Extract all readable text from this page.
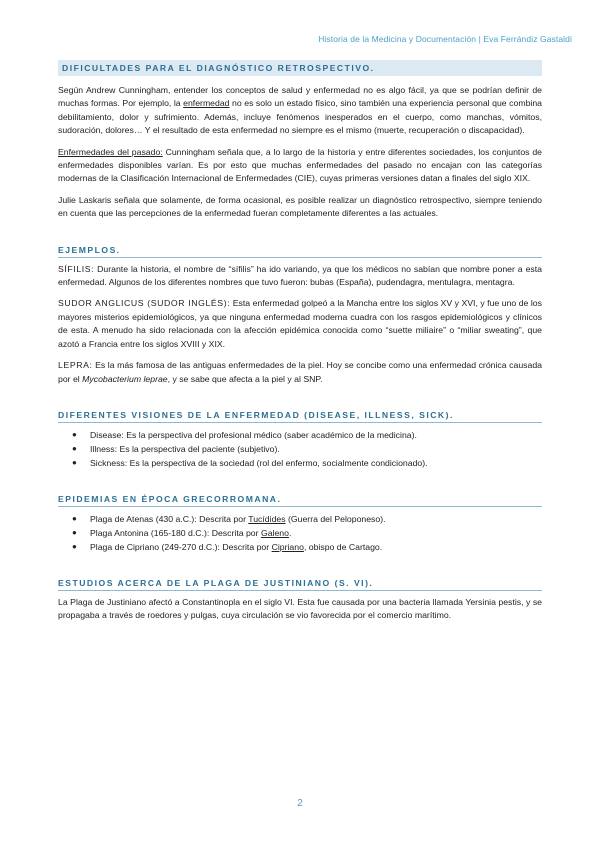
Historia de la Medicina y Documentación | Eva Ferrándiz Gastaldi
DIFICULTADES PARA EL DIAGNÓSTICO RETROSPECTIVO.

Según Andrew Cunningham, entender los conceptos de salud y enfermedad no es algo fácil, ya que se podrían definir de muchas formas. Por ejemplo, la enfermedad no es solo un estado físico, sino también una experiencia personal que combina debilitamiento, dolor y sufrimiento. Además, incluye fenómenos inesperados en el cuerpo, como manchas, vómitos, sudoración, dolores… Y el resultado de esta enfermedad no siempre es el mismo (muerte, recuperación o discapacidad).

Enfermedades del pasado: Cunningham señala que, a lo largo de la historia y entre diferentes sociedades, los conjuntos de enfermedades disponibles varían. Es por esto que muchas enfermedades del pasado no encajan con las categorías modernas de la Clasificación Internacional de Enfermedades (CIE), cuyas primeras versiones datan a finales del siglo XIX.

Julie Laskaris señala que solamente, de forma ocasional, es posible realizar un diagnóstico retrospectivo, siempre teniendo en cuenta que las percepciones de la enfermedad fueran completamente diferentes a las actuales.

EJEMPLOS.

SÍFILIS: Durante la historia, el nombre de “sífilis” ha ido variando, ya que los médicos no sabían que nombre poner a esta enfermedad. Algunos de los diferentes nombres que tuvo fueron: bubas (España), pudendagra, mentulagra, mentagra.

SUDOR ANGLICUS (SUDOR INGLÉS): Esta enfermedad golpeó a la Mancha entre los siglos XV y XVI, y fue uno de los mayores misterios epidemiológicos, ya que ninguna enfermedad moderna cuadra con los rasgos epidemiológicos y clínicos de esta. A menudo ha sido relacionada con la afección epidémica conocida como “suette miliaire” o “miliar sweating”, que azotó a Francia entre los siglos XVIII y XIX.

LEPRA: Es la más famosa de las antiguas enfermedades de la piel. Hoy se concibe como una enfermedad crónica causada por el Mycobacterium leprae, y se sabe que afecta a la piel y al SNP.

DIFERENTES VISIONES DE LA ENFERMEDAD (DISEASE, ILLNESS, SICK).
● Disease: Es la perspectiva del profesional médico (saber académico de la medicina).
● Illness: Es la perspectiva del paciente (subjetivo).
● Sickness: Es la perspectiva de la sociedad (rol del enfermo, socialmente condicionado).
EPIDEMIAS EN ÉPOCA GRECORROMANA.
● Plaga de Atenas (430 a.C.): Descrita por Tucídides (Guerra del Peloponeso).
● Plaga Antonina (165-180 d.C.): Descrita por Galeno.
● Plaga de Cipriano (249-270 d.C.): Descrita por Cipriano, obispo de Cartago.
ESTUDIOS ACERCA DE LA PLAGA DE JUSTINIANO (S. VI).

La Plaga de Justiniano afectó a Constantinopla en el siglo VI. Esta fue causada por una bacteria llamada Yersinia pestis, y se propagaba a través de roedores y pulgas, cuya circulación se vio favorecida por el comercio marítimo.

2
